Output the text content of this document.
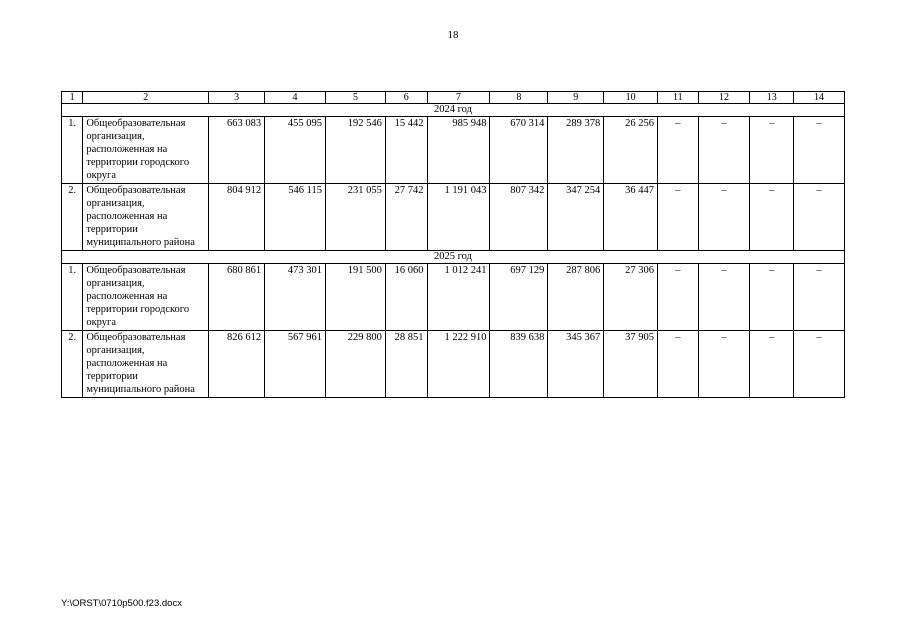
18
1	2	3	4	5	6	7	8	9	10	11	12	13	14
2024 год													
1.	Общеобразовательная организация, расположенная на территории городского округа	663 083	455 095	192 546	15 442	985 948	670 314	289 378	26 256	–	–	–	–
2.	Общеобразовательная организация, расположенная на территории муниципального района	804 912	546 115	231 055	27 742	1 191 043	807 342	347 254	36 447	–	–	–	–
2025 год													
1.	Общеобразовательная организация, расположенная на территории городского округа	680 861	473 301	191 500	16 060	1 012 241	697 129	287 806	27 306	–	–	–	–
2.	Общеобразовательная организация, расположенная на территории муниципального района	826 612	567 961	229 800	28 851	1 222 910	839 638	345 367	37 905	–	–	–	–
Y:\ORST\0710p500.f23.docx
